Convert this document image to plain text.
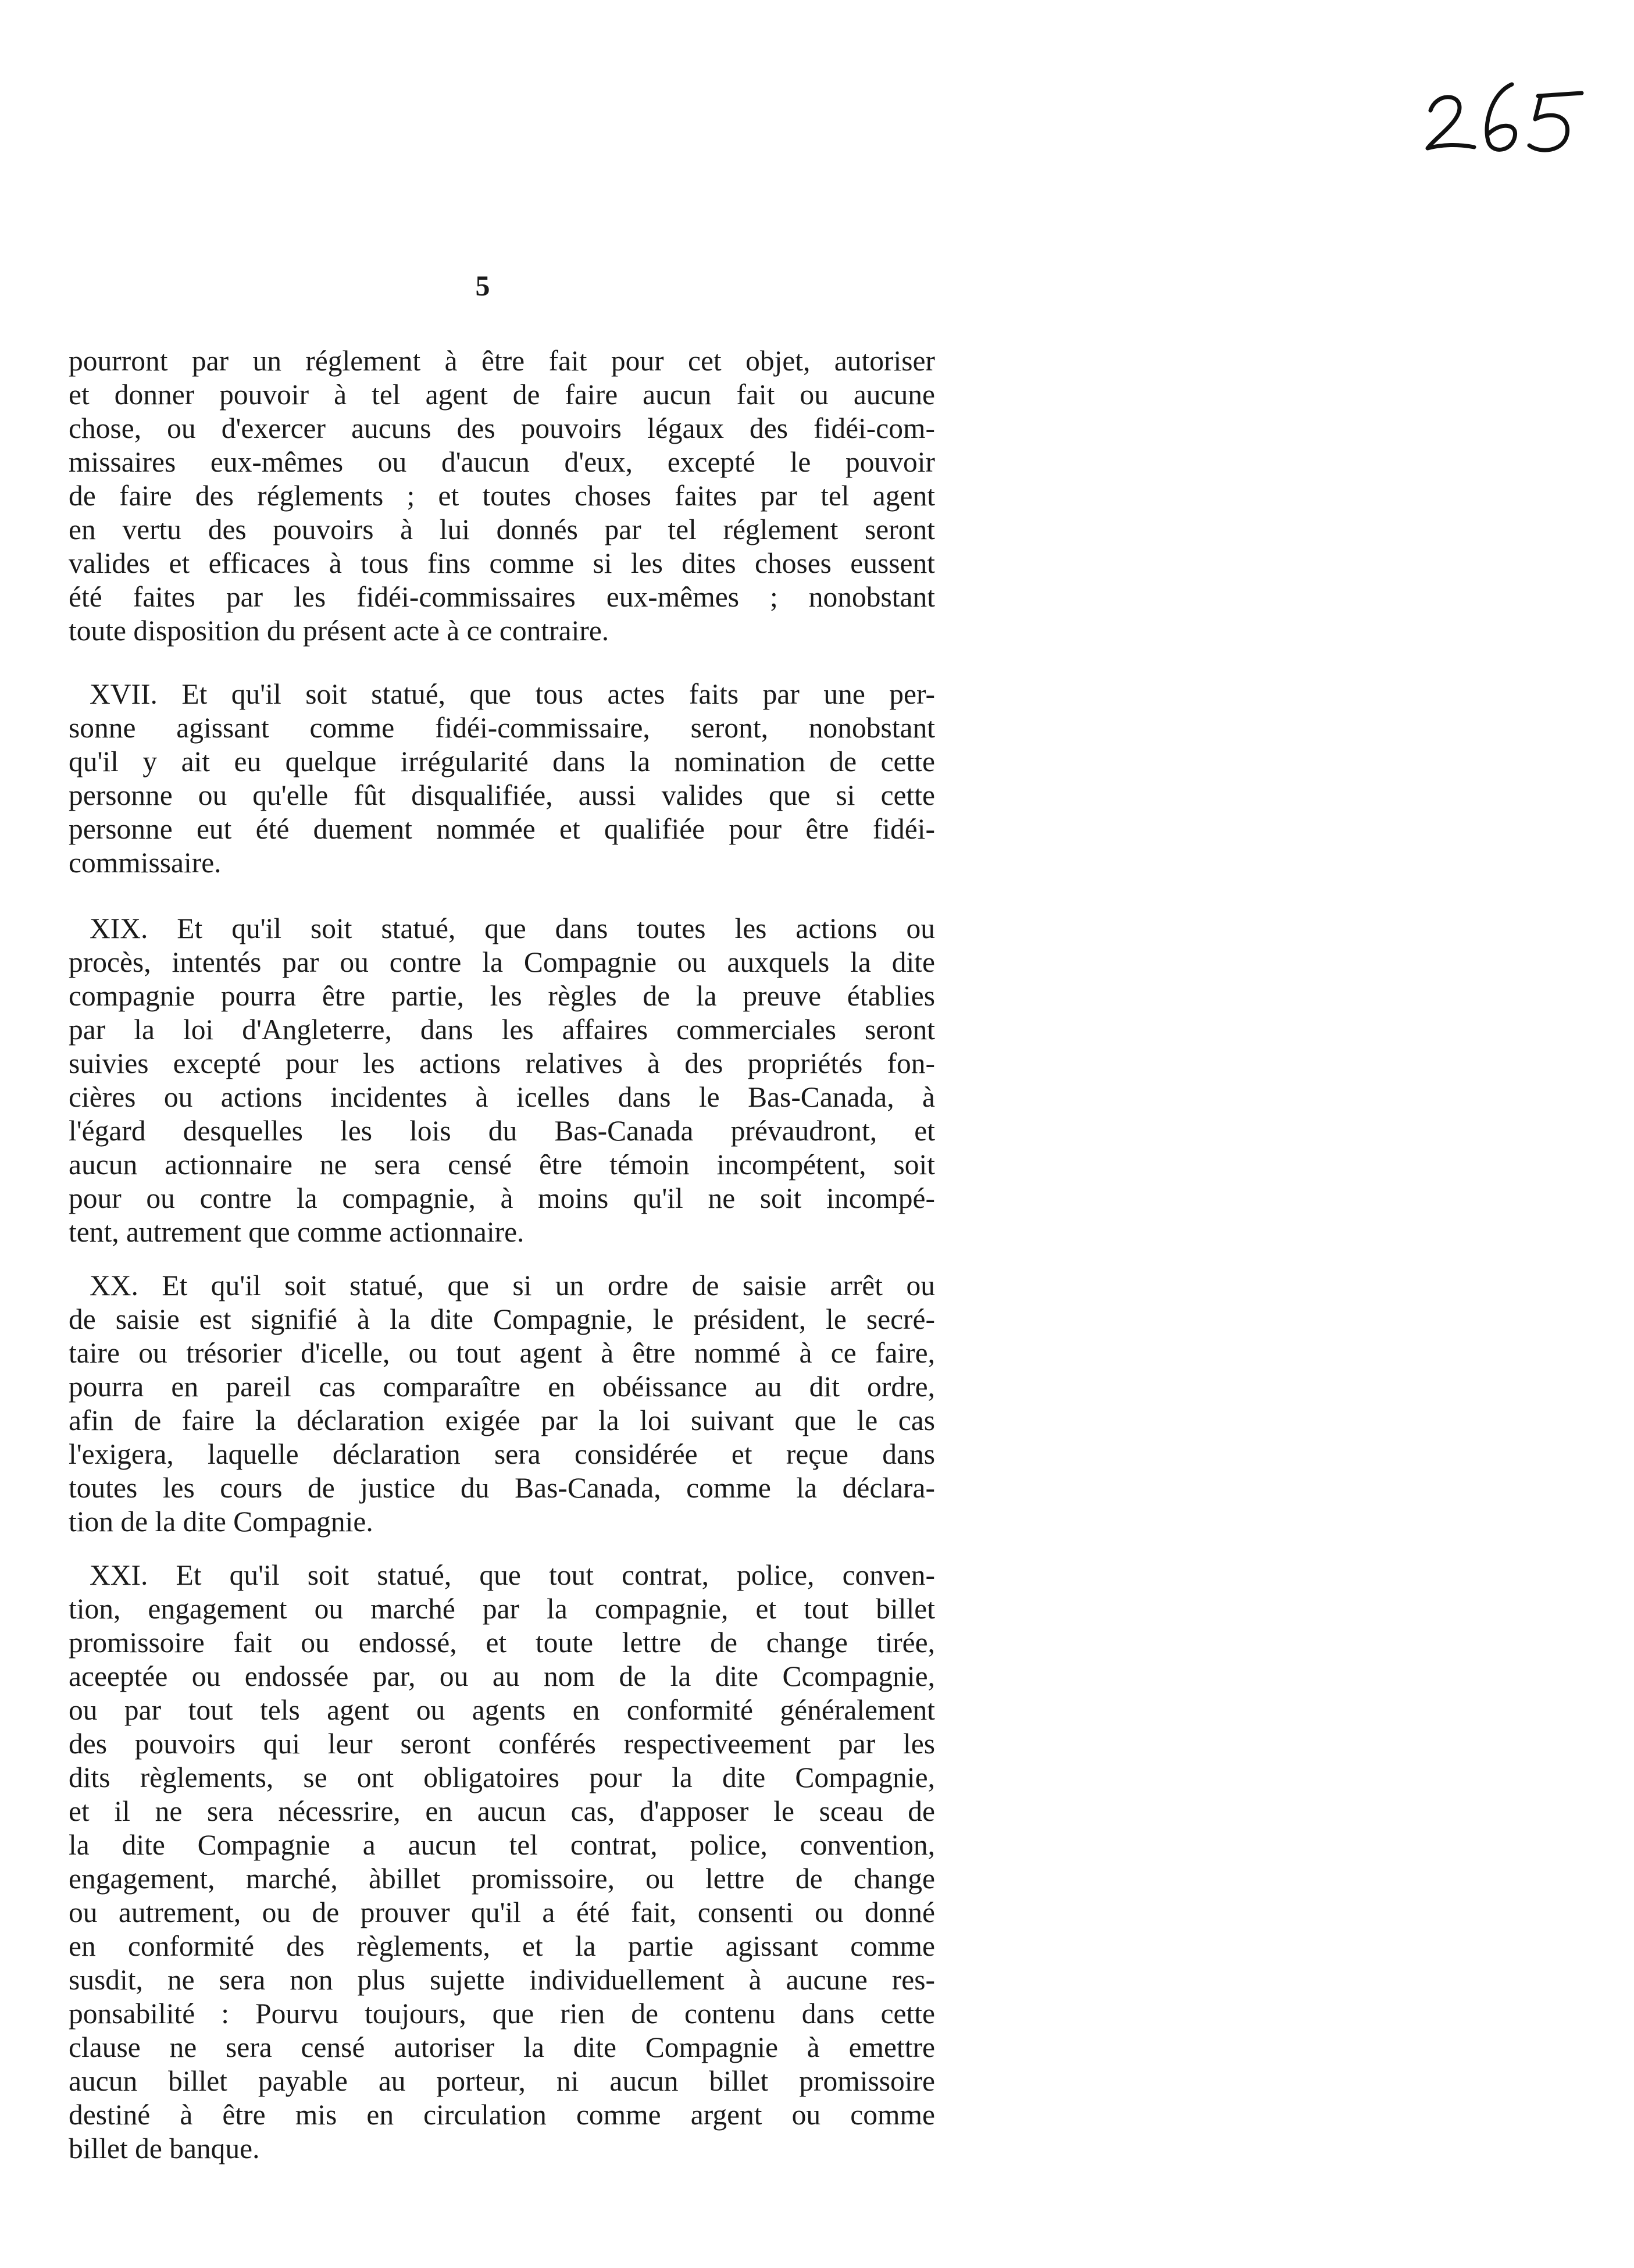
5
pourront par un réglement à être fait pour cet objet, autoriser
et donner pouvoir à tel agent de faire aucun fait ou aucune
chose, ou d'exercer aucuns des pouvoirs légaux des fidéi-com-
missaires eux-mêmes ou d'aucun d'eux, excepté le pouvoir
de faire des réglements ; et toutes choses faites par tel agent
en vertu des pouvoirs à lui donnés par tel réglement seront
valides et efficaces à tous fins comme si les dites choses eussent
été faites par les fidéi-commissaires eux-mêmes ; nonobstant
toute disposition du présent acte à ce contraire.
XVII. Et qu'il soit statué, que tous actes faits par une per-
sonne agissant comme fidéi-commissaire, seront, nonobstant
qu'il y ait eu quelque irrégularité dans la nomination de cette
personne ou qu'elle fût disqualifiée, aussi valides que si cette
personne eut été duement nommée et qualifiée pour être fidéi-
commissaire.
XIX. Et qu'il soit statué, que dans toutes les actions ou
procès, intentés par ou contre la Compagnie ou auxquels la dite
compagnie pourra être partie, les règles de la preuve établies
par la loi d'Angleterre, dans les affaires commerciales seront
suivies excepté pour les actions relatives à des propriétés fon-
cières ou actions incidentes à icelles dans le Bas-Canada, à
l'égard desquelles les lois du Bas-Canada prévaudront, et
aucun actionnaire ne sera censé être témoin incompétent, soit
pour ou contre la compagnie, à moins qu'il ne soit incompé-
tent, autrement que comme actionnaire.
XX. Et qu'il soit statué, que si un ordre de saisie arrêt ou
de saisie est signifié à la dite Compagnie, le président, le secré-
taire ou trésorier d'icelle, ou tout agent à être nommé à ce faire,
pourra en pareil cas comparaître en obéissance au dit ordre,
afin de faire la déclaration exigée par la loi suivant que le cas
l'exigera, laquelle déclaration sera considérée et reçue dans
toutes les cours de justice du Bas-Canada, comme la déclara-
tion de la dite Compagnie.
XXI. Et qu'il soit statué, que tout contrat, police, conven-
tion, engagement ou marché par la compagnie, et tout billet
promissoire fait ou endossé, et toute lettre de change tirée,
aceeptée ou endossée par, ou au nom de la dite Ccompagnie,
ou par tout tels agent ou agents en conformité généralement
des pouvoirs qui leur seront conférés respectiveement par les
dits règlements, se ont obligatoires pour la dite Compagnie,
et il ne sera nécessrire, en aucun cas, d'apposer le sceau de
la dite Compagnie a aucun tel contrat, police, convention,
engagement, marché, àbillet promissoire, ou lettre de change
ou autrement, ou de prouver qu'il a été fait, consenti ou donné
en conformité des règlements, et la partie agissant comme
susdit, ne sera non plus sujette individuellement à aucune res-
ponsabilité : Pourvu toujours, que rien de contenu dans cette
clause ne sera censé autoriser la dite Compagnie à emettre
aucun billet payable au porteur, ni aucun billet promissoire
destiné à être mis en circulation comme argent ou comme
billet de banque.
